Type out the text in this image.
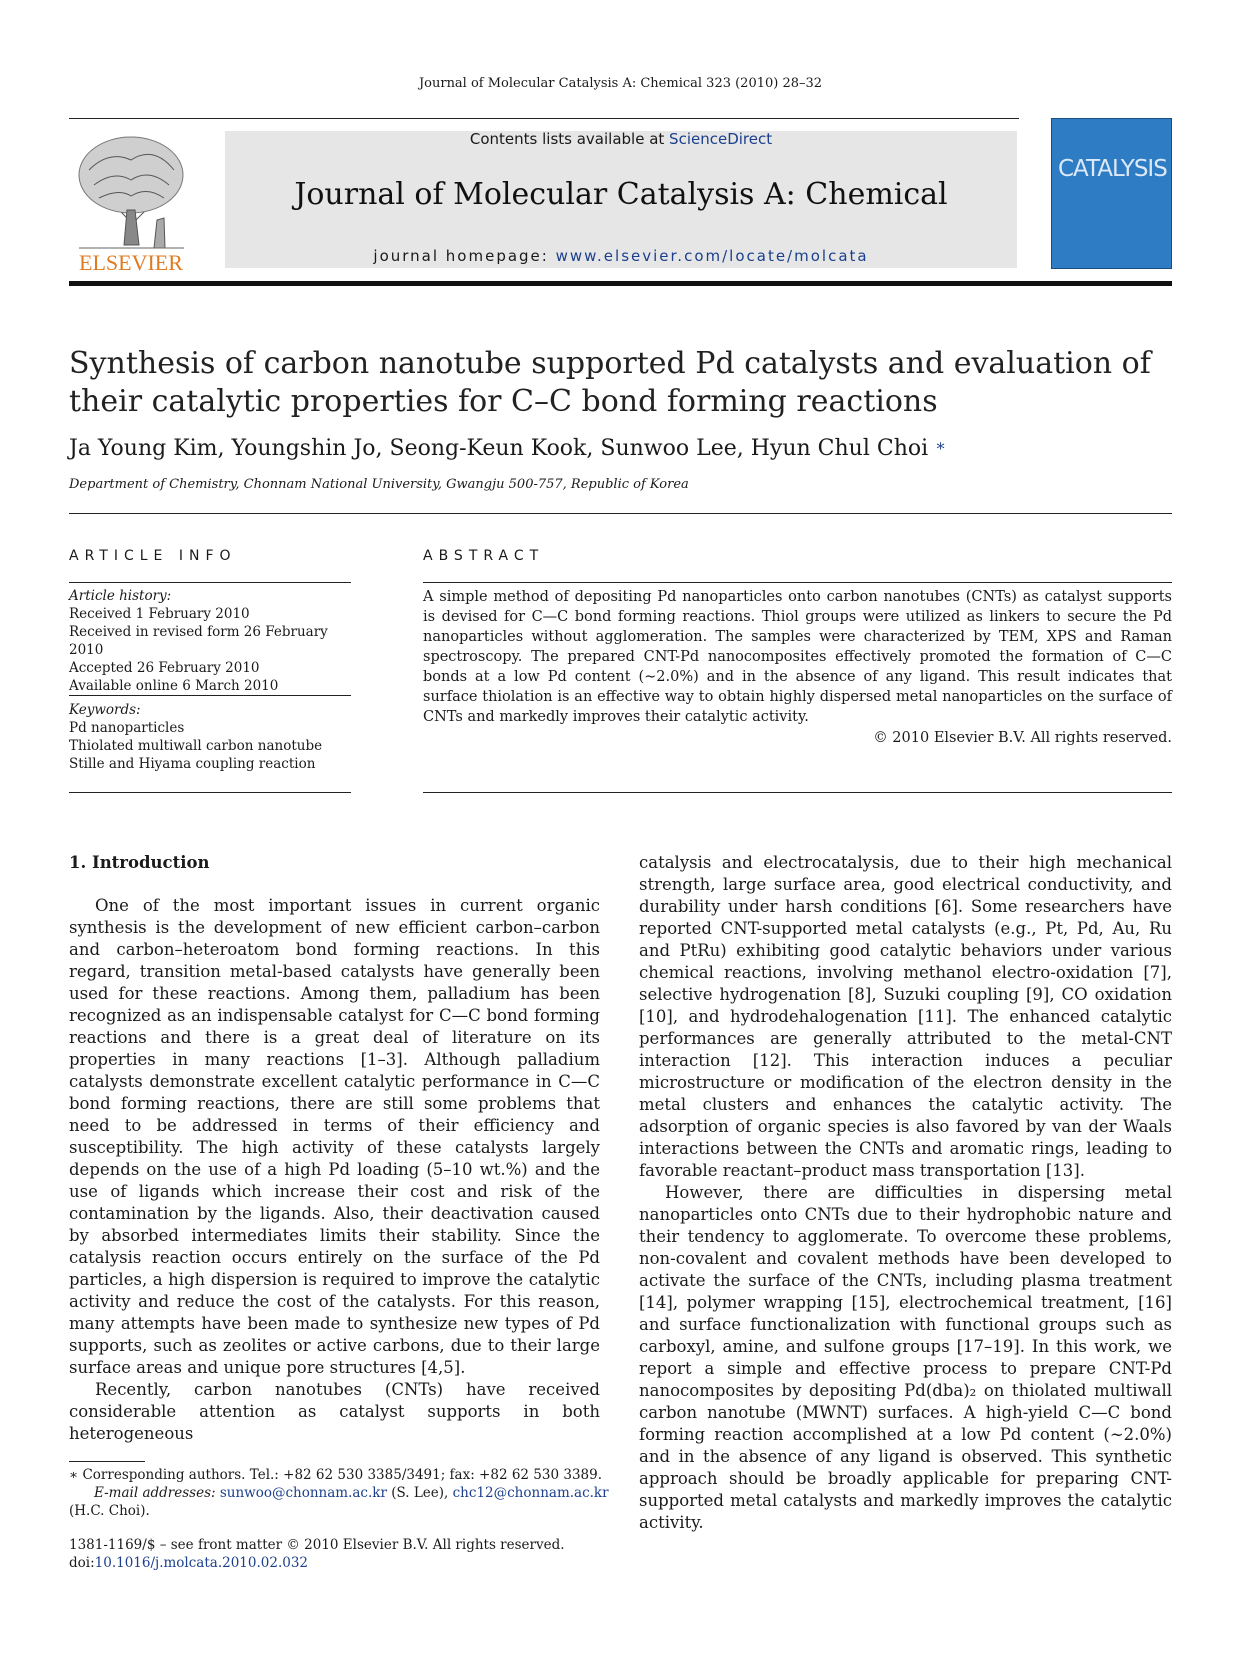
Journal of Molecular Catalysis A: Chemical 323 (2010) 28–32
ELSEVIER
Contents lists available at ScienceDirect
Journal of Molecular Catalysis A: Chemical
journal homepage: www.elsevier.com/locate/molcata
CATALYSIS
Synthesis of carbon nanotube supported Pd catalysts and evaluation of their catalytic properties for C–C bond forming reactions
Ja Young Kim, Youngshin Jo, Seong-Keun Kook, Sunwoo Lee, Hyun Chul Choi ∗
Department of Chemistry, Chonnam National University, Gwangju 500-757, Republic of Korea
ARTICLE INFO	ABSTRACT
Article history:
Received 1 February 2010
Received in revised form 26 February 2010
Accepted 26 February 2010
Available online 6 March 2010
Keywords:
Pd nanoparticles
Thiolated multiwall carbon nanotube
Stille and Hiyama coupling reaction
A simple method of depositing Pd nanoparticles onto carbon nanotubes (CNTs) as catalyst supports is devised for C—C bond forming reactions. Thiol groups were utilized as linkers to secure the Pd nanoparticles without agglomeration. The samples were characterized by TEM, XPS and Raman spectroscopy. The prepared CNT-Pd nanocomposites effectively promoted the formation of C—C bonds at a low Pd content (∼2.0%) and in the absence of any ligand. This result indicates that surface thiolation is an effective way to obtain highly dispersed metal nanoparticles on the surface of CNTs and markedly improves their catalytic activity.
© 2010 Elsevier B.V. All rights reserved.
1. Introduction

One of the most important issues in current organic synthesis is the development of new efficient carbon–carbon and carbon–heteroatom bond forming reactions. In this regard, transition metal-based catalysts have generally been used for these reactions. Among them, palladium has been recognized as an indispensable catalyst for C—C bond forming reactions and there is a great deal of literature on its properties in many reactions [1–3]. Although palladium catalysts demonstrate excellent catalytic performance in C—C bond forming reactions, there are still some problems that need to be addressed in terms of their efficiency and susceptibility. The high activity of these catalysts largely depends on the use of a high Pd loading (5–10 wt.%) and the use of ligands which increase their cost and risk of the contamination by the ligands. Also, their deactivation caused by absorbed intermediates limits their stability. Since the catalysis reaction occurs entirely on the surface of the Pd particles, a high dispersion is required to improve the catalytic activity and reduce the cost of the catalysts. For this reason, many attempts have been made to synthesize new types of Pd supports, such as zeolites or active carbons, due to their large surface areas and unique pore structures [4,5].

Recently, carbon nanotubes (CNTs) have received considerable attention as catalyst supports in both heterogeneous

catalysis and electrocatalysis, due to their high mechanical strength, large surface area, good electrical conductivity, and durability under harsh conditions [6]. Some researchers have reported CNT-supported metal catalysts (e.g., Pt, Pd, Au, Ru and PtRu) exhibiting good catalytic behaviors under various chemical reactions, involving methanol electro-oxidation [7], selective hydrogenation [8], Suzuki coupling [9], CO oxidation [10], and hydrodehalogenation [11]. The enhanced catalytic performances are generally attributed to the metal-CNT interaction [12]. This interaction induces a peculiar microstructure or modification of the electron density in the metal clusters and enhances the catalytic activity. The adsorption of organic species is also favored by van der Waals interactions between the CNTs and aromatic rings, leading to favorable reactant–product mass transportation [13].

However, there are difficulties in dispersing metal nanoparticles onto CNTs due to their hydrophobic nature and their tendency to agglomerate. To overcome these problems, non-covalent and covalent methods have been developed to activate the surface of the CNTs, including plasma treatment [14], polymer wrapping [15], electrochemical treatment, [16] and surface functionalization with functional groups such as carboxyl, amine, and sulfone groups [17–19]. In this work, we report a simple and effective process to prepare CNT-Pd nanocomposites by depositing Pd(dba)₂ on thiolated multiwall carbon nanotube (MWNT) surfaces. A high-yield C—C bond forming reaction accomplished at a low Pd content (∼2.0%) and in the absence of any ligand is observed. This synthetic approach should be broadly applicable for preparing CNT-supported metal catalysts and markedly improves the catalytic activity.

∗ Corresponding authors. Tel.: +82 62 530 3385/3491; fax: +82 62 530 3389.
E-mail addresses: sunwoo@chonnam.ac.kr (S. Lee), chc12@chonnam.ac.kr
(H.C. Choi).
1381-1169/$ – see front matter © 2010 Elsevier B.V. All rights reserved.
doi:10.1016/j.molcata.2010.02.032
